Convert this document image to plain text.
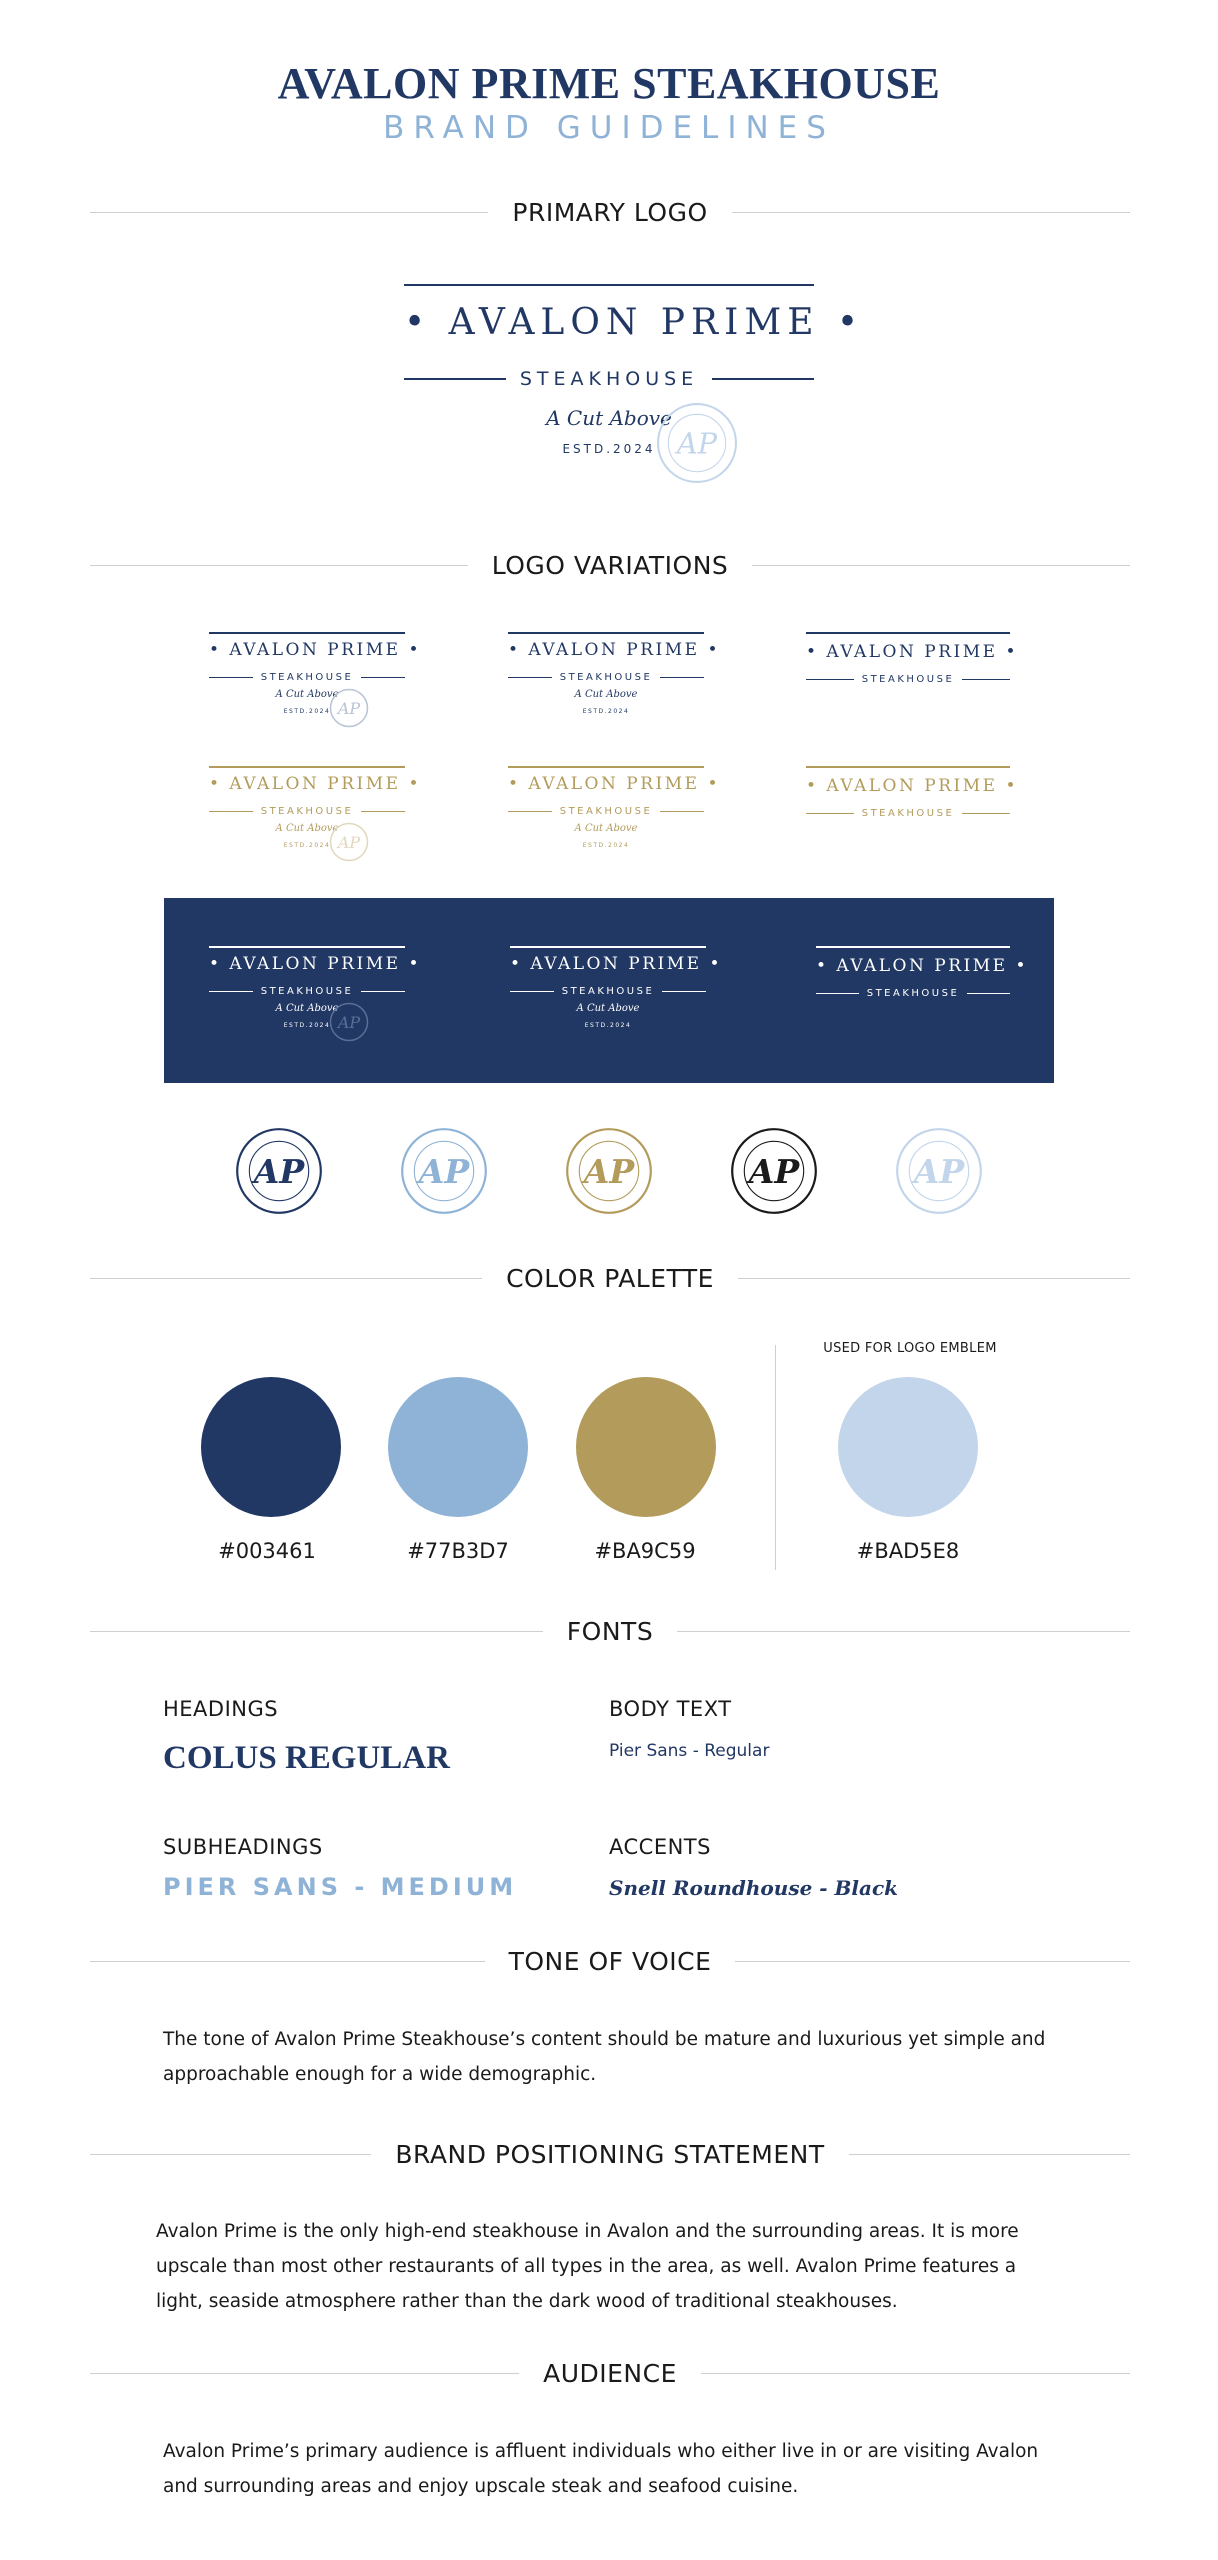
AVALON PRIME STEAKHOUSE
BRAND GUIDELINES
PRIMARY LOGO
• AVALON PRIME •
STEAKHOUSE
A Cut Above
ESTD.2024 AP
LOGO VARIATIONS
• AVALON PRIME •
STEAKHOUSE
A Cut Above
ESTD.2024 AP
• AVALON PRIME •
STEAKHOUSE
A Cut Above
ESTD.2024
• AVALON PRIME •
STEAKHOUSE
• AVALON PRIME •
STEAKHOUSE
A Cut Above
ESTD.2024 AP
• AVALON PRIME •
STEAKHOUSE
A Cut Above
ESTD.2024
• AVALON PRIME •
STEAKHOUSE
• AVALON PRIME •
STEAKHOUSE
A Cut Above
ESTD.2024 AP
• AVALON PRIME •
STEAKHOUSE
A Cut Above
ESTD.2024
• AVALON PRIME •
STEAKHOUSE
AP	AP	AP	AP	AP
COLOR PALETTE
USED FOR LOGO EMBLEM
#003461	#77B3D7	#BA9C59	#BAD5E8
FONTS
HEADINGS
COLUS REGULAR
BODY TEXT
Pier Sans - Regular
SUBHEADINGS
PIER SANS - MEDIUM
ACCENTS
Snell Roundhouse - Black
TONE OF VOICE
The tone of Avalon Prime Steakhouse’s content should be mature and luxurious yet simple and approachable enough for a wide demographic.
BRAND POSITIONING STATEMENT
Avalon Prime is the only high-end steakhouse in Avalon and the surrounding areas. It is more upscale than most other restaurants of all types in the area, as well. Avalon Prime features a light, seaside atmosphere rather than the dark wood of traditional steakhouses.
AUDIENCE
Avalon Prime’s primary audience is affluent individuals who either live in or are visiting Avalon and surrounding areas and enjoy upscale steak and seafood cuisine.
